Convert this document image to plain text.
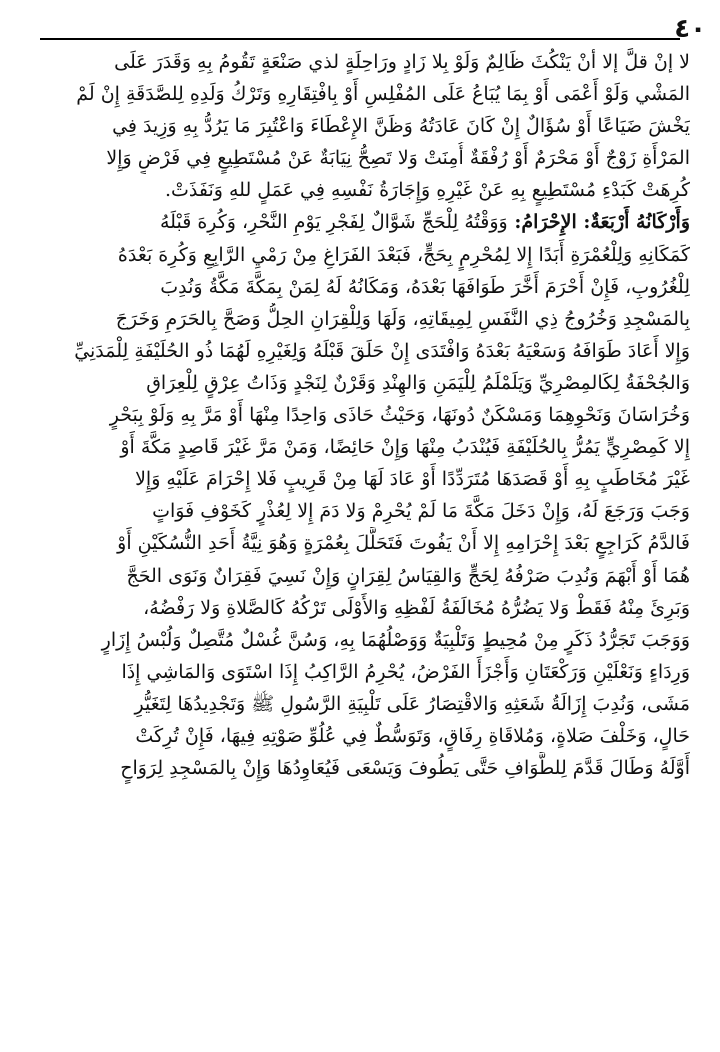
٤٠
لا إنْ قلَّ إلا أنْ يَنْكُثَ ظَالِمٌ وَلَوْ بِلا زَادٍ ورَاحِلَةٍ لذي صَنْعَةٍ تَقُومُ بِهِ وَقَدَرَ عَلَى
المَشْي وَلَوْ أَعْمَى أَوْ بِمَا يُبَاعُ عَلَى المُفْلِسِ أَوْ بِافْتِقَارِهِ وَتَرْكُ وَلَدِهِ لِلصَّدَقَةِ إِنْ لَمْ
يَخْشَ ضَيَاعًا أَوْ سُؤَالٌ إِنْ كَانَ عَادَتُهُ وَظَنَّ الإِعْطَاءَ وَاعْتُبِرَ مَا يَرُدُّ بِهِ وَزِيدَ فِي
المَرْأَةِ زَوْجٌ أَوْ مَحْرَمٌ أَوْ رُفْقَةٌ أُمِنَتْ وَلا تَصِحُّ نِيَابَةٌ عَنْ مُسْتَطِيعٍ فِي فَرْضٍ وَإِلا
كُرِهَتْ كَبَدْءِ مُسْتَطِيعٍ بِهِ عَنْ غَيْرِهِ وَإِجَارَةُ نَفْسِهِ فِي عَمَلٍ للهِ وَنَفَذَتْ.
وَأَرْكَانُهُ أَرْبَعَةٌ: الإِحْرَامُ: وَوَقْتُهُ لِلْحَجِّ شَوَّالٌ لِفَجْرِ يَوْمِ النَّحْرِ، وَكُرِهَ قَبْلَهُ
كَمَكَانِهِ وَلِلْعُمْرَةِ أَبَدًا إِلا لِمُحْرِمٍ بِحَجٍّ، فَبَعْدَ الفَرَاغِ مِنْ رَمْيِ الرَّابِعِ وَكُرِهَ بَعْدَهُ
لِلْغُرُوبِ، فَإِنْ أَحْرَمَ أَخَّرَ طَوَافَهَا بَعْدَهُ، وَمَكَانُهُ لَهُ لِمَنْ بِمَكَّةَ مَكَّةُ وَنُدِبَ
بِالمَسْجِدِ وَخُرُوجُ ذِي النَّفَسِ لِمِيقَاتِهِ، وَلَهَا وَلِلْقِرَانِ الحِلُّ وَصَحَّ بِالحَرَمِ وَخَرَجَ
وَإِلا أَعَادَ طَوَافَهُ وَسَعْيَهُ بَعْدَهُ وَافْتَدَى إِنْ حَلَقَ قَبْلَهُ وَلِغَيْرِهِ لَهُمَا ذُو الحُلَيْفَةِ لِلْمَدَنِيِّ
وَالجُحْفَةُ لِكَالمِصْرِيِّ وَيَلَمْلَمُ لِلْيَمَنِ وَالهِنْدِ وَقَرْنٌ لِنَجْدٍ وَذَاتُ عِرْقٍ لِلْعِرَاقِ
وَخُرَاسَانَ وَنَحْوِهِمَا وَمَسْكَنٌ دُونَهَا، وَحَيْثُ حَاذَى وَاحِدًا مِنْهَا أَوْ مَرَّ بِهِ وَلَوْ بِبَحْرٍ
إِلا كَمِصْرِيٍّ يَمُرُّ بِالحُلَيْفَةِ فَيُنْدَبُ مِنْهَا وَإِنْ حَائِضًا، وَمَنْ مَرَّ غَيْرَ قَاصِدٍ مَكَّةَ أَوْ
غَيْرَ مُخَاطَبٍ بِهِ أَوْ قَصَدَهَا مُتَرَدِّدًا أَوْ عَادَ لَهَا مِنْ قَرِيبٍ فَلا إِحْرَامَ عَلَيْهِ وَإِلا
وَجَبَ وَرَجَعَ لَهُ، وَإِنْ دَخَلَ مَكَّةَ مَا لَمْ يُحْرِمْ وَلا دَمَ إِلا لِعُذْرٍ كَخَوْفِ فَوَاتٍ
فَالدَّمُ كَرَاجِعٍ بَعْدَ إِحْرَامِهِ إِلا أَنْ يَفُوتَ فَتَحَلَّلَ بِعُمْرَةٍ وَهُوَ نِيَّةُ أَحَدِ النُّسُكَيْنِ أَوْ
هُمَا أَوْ أَبْهَمَ وَنُدِبَ صَرْفُهُ لِحَجٍّ وَالقِيَاسُ لِقِرَانٍ وَإِنْ نَسِيَ فَقِرَانٌ وَنَوَى الحَجَّ
وَبَرِئَ مِنْهُ فَقَطْ وَلا يَضُرُّهُ مُخَالَفَةُ لَفْظِهِ وَالأَوْلَى تَرْكُهُ كَالصَّلاةِ وَلا رَفْضُهُ،
وَوَجَبَ تَجَرُّدُ ذَكَرٍ مِنْ مُحِيطٍ وَتَلْبِيَةٌ وَوَصْلُهُمَا بِهِ، وَسُنَّ غُسْلٌ مُتَّصِلٌ وَلُبْسُ إِزَارٍ
وَرِدَاءٍ وَنَعْلَيْنِ وَرَكْعَتَانِ وَأَجْزَأَ الفَرْضُ، يُحْرِمُ الرَّاكِبُ إِذَا اسْتَوَى وَالمَاشِي إِذَا
مَشَى، وَنُدِبَ إِزَالَةُ شَعَثِهِ وَالاقْتِصَارُ عَلَى تَلْبِيَةِ الرَّسُولِ ﷺ وَتَجْدِيدُهَا لِتَغَيُّرِ
حَالٍ، وَخَلْفَ صَلاةٍ، وَمُلاقَاةِ رِفَاقٍ، وَتَوَسُّطٌ فِي عُلُوِّ صَوْتِهِ فِيهَا، فَإِنْ تُرِكَتْ
أَوَّلَهُ وَطَالَ قَدَّمَ لِلطَّوَافِ حَتَّى يَطُوفَ وَيَسْعَى فَيُعَاوِدُهَا وَإِنْ بِالمَسْجِدِ لِرَوَاحٍ
